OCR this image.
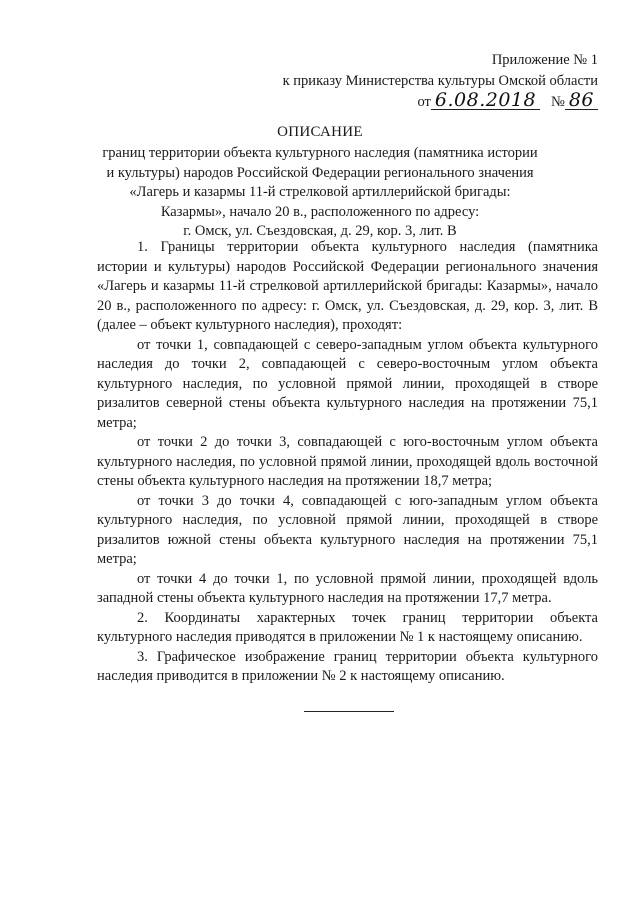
Приложение № 1
к приказу Министерства культуры Омской области
от 6.08.2018 № 86
ОПИСАНИЕ
границ территории объекта культурного наследия (памятника истории
и культуры) народов Российской Федерации регионального значения
«Лагерь и казармы 11-й стрелковой артиллерийской бригады:
Казармы», начало 20 в., расположенного по адресу:
г. Омск, ул. Съездовская, д. 29, кор. 3, лит. В

1. Границы территории объекта культурного наследия (памятника истории и культуры) народов Российской Федерации регионального значения «Лагерь и казармы 11-й стрелковой артиллерийской бригады: Казармы», начало 20 в., расположенного по адресу: г. Омск, ул. Съездовская, д. 29, кор. 3, лит. В (далее – объект культурного наследия), проходят:

от точки 1, совпадающей с северо-западным углом объекта культурного наследия до точки 2, совпадающей с северо-восточным углом объекта культурного наследия, по условной прямой линии, проходящей в створе ризалитов северной стены объекта культурного наследия на протяжении 75,1 метра;

от точки 2 до точки 3, совпадающей с юго-восточным углом объекта культурного наследия, по условной прямой линии, проходящей вдоль восточной стены объекта культурного наследия на протяжении 18,7 метра;

от точки 3 до точки 4, совпадающей с юго-западным углом объекта культурного наследия, по условной прямой линии, проходящей в створе ризалитов южной стены объекта культурного наследия на протяжении 75,1 метра;

от точки 4 до точки 1, по условной прямой линии, проходящей вдоль западной стены объекта культурного наследия на протяжении 17,7 метра.

2. Координаты характерных точек границ территории объекта культурного наследия приводятся в приложении № 1 к настоящему описанию.

3. Графическое изображение границ территории объекта культурного наследия приводится в приложении № 2 к настоящему описанию.
